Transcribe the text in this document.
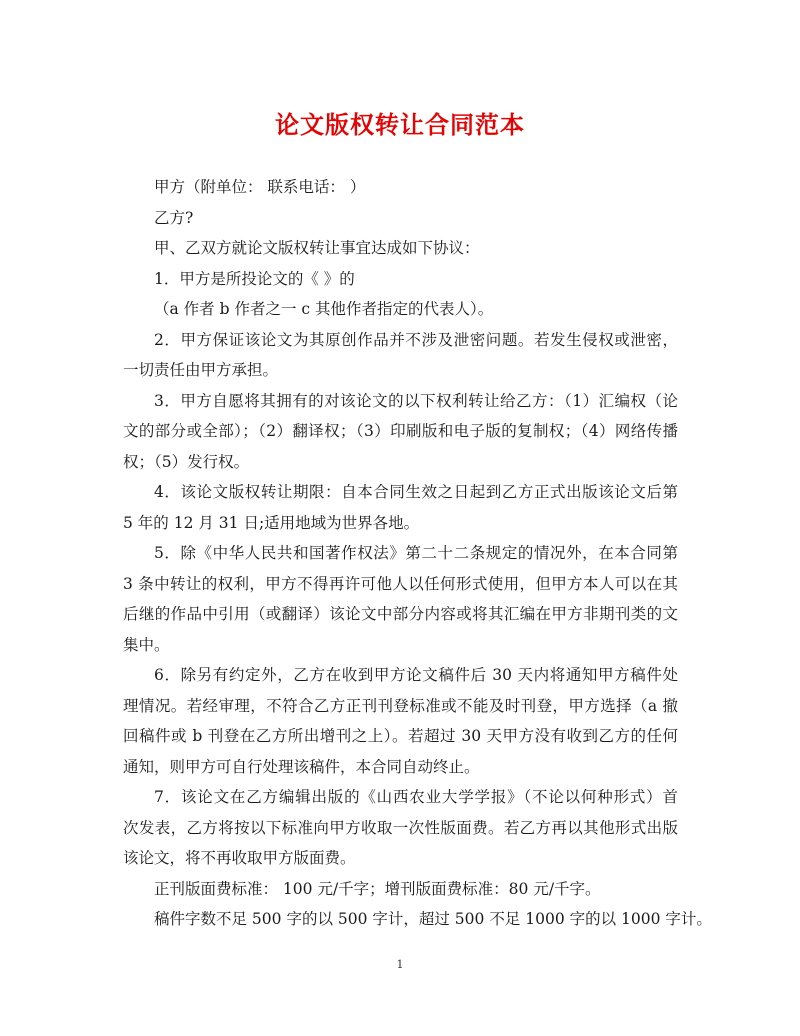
论文版权转让合同范本

甲方（附单位： 联系电话： ）

乙方?

甲、乙双方就论文版权转让事宜达成如下协议：

1．甲方是所投论文的《 》的

（a 作者 b 作者之一 c 其他作者指定的代表人）。

2．甲方保证该论文为其原创作品并不涉及泄密问题。若发生侵权或泄密，

一切责任由甲方承担。

3．甲方自愿将其拥有的对该论文的以下权利转让给乙方：（1）汇编权（论

文的部分或全部）；（2）翻译权；（3）印刷版和电子版的复制权；（4）网络传播

权；（5）发行权。

4．该论文版权转让期限：自本合同生效之日起到乙方正式出版该论文后第

5 年的 12 月 31 日;适用地域为世界各地。

5．除《中华人民共和国著作权法》第二十二条规定的情况外，在本合同第

3 条中转让的权利，甲方不得再许可他人以任何形式使用，但甲方本人可以在其

后继的作品中引用（或翻译）该论文中部分内容或将其汇编在甲方非期刊类的文

集中。

6．除另有约定外，乙方在收到甲方论文稿件后 30 天内将通知甲方稿件处

理情况。若经审理，不符合乙方正刊刊登标准或不能及时刊登，甲方选择（a 撤

回稿件或 b 刊登在乙方所出增刊之上）。若超过 30 天甲方没有收到乙方的任何

通知，则甲方可自行处理该稿件，本合同自动终止。

7．该论文在乙方编辑出版的《山西农业大学学报》（不论以何种形式）首

次发表，乙方将按以下标准向甲方收取一次性版面费。若乙方再以其他形式出版

该论文，将不再收取甲方版面费。

正刊版面费标准： 100 元/千字；增刊版面费标准：80 元/千字。

稿件字数不足 500 字的以 500 字计，超过 500 不足 1000 字的以 1000 字计。

1
